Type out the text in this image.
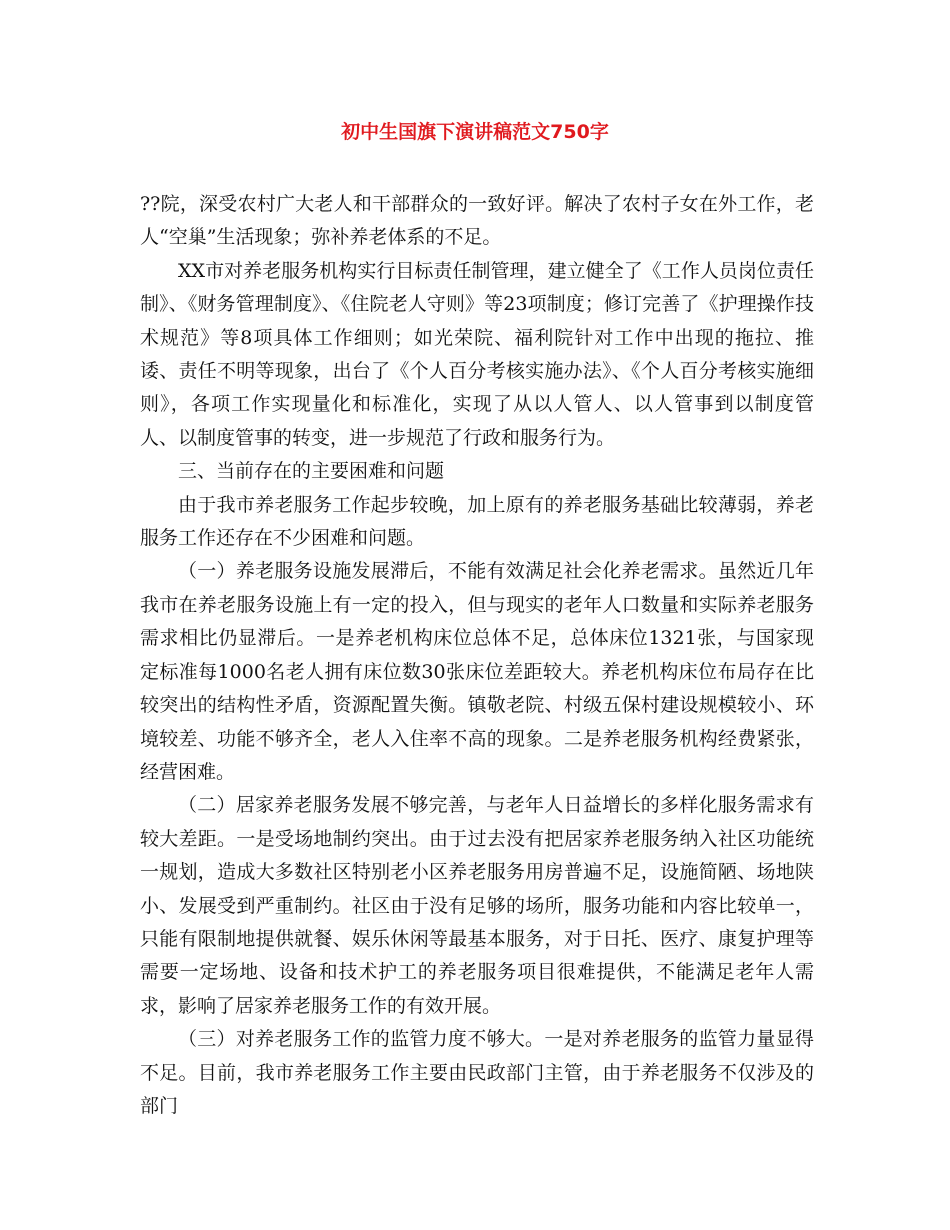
初中生国旗下演讲稿范文750字

??院，深受农村广大老人和干部群众的一致好评。解决了农村子女在外工作，老人“空巢”生活现象；弥补养老体系的不足。

XX市对养老服务机构实行目标责任制管理，建立健全了《工作人员岗位责任制》、《财务管理制度》、《住院老人守则》等23项制度；修订完善了《护理操作技术规范》等8项具体工作细则；如光荣院、福利院针对工作中出现的拖拉、推诿、责任不明等现象，出台了《个人百分考核实施办法》、《个人百分考核实施细则》，各项工作实现量化和标准化，实现了从以人管人、以人管事到以制度管人、以制度管事的转变，进一步规范了行政和服务行为。

三、当前存在的主要困难和问题

由于我市养老服务工作起步较晚，加上原有的养老服务基础比较薄弱，养老服务工作还存在不少困难和问题。

（一）养老服务设施发展滞后，不能有效满足社会化养老需求。虽然近几年我市在养老服务设施上有一定的投入，但与现实的老年人口数量和实际养老服务需求相比仍显滞后。一是养老机构床位总体不足，总体床位1321张，与国家现定标准每1000名老人拥有床位数30张床位差距较大。养老机构床位布局存在比较突出的结构性矛盾，资源配置失衡。镇敬老院、村级五保村建设规模较小、环境较差、功能不够齐全，老人入住率不高的现象。二是养老服务机构经费紧张，经营困难。

（二）居家养老服务发展不够完善，与老年人日益增长的多样化服务需求有较大差距。一是受场地制约突出。由于过去没有把居家养老服务纳入社区功能统一规划，造成大多数社区特别老小区养老服务用房普遍不足，设施简陋、场地陕小、发展受到严重制约。社区由于没有足够的场所，服务功能和内容比较单一，只能有限制地提供就餐、娱乐休闲等最基本服务，对于日托、医疗、康复护理等需要一定场地、设备和技术护工的养老服务项目很难提供，不能满足老年人需求，影响了居家养老服务工作的有效开展。

（三）对养老服务工作的监管力度不够大。一是对养老服务的监管力量显得不足。目前，我市养老服务工作主要由民政部门主管，由于养老服务不仅涉及的部门
